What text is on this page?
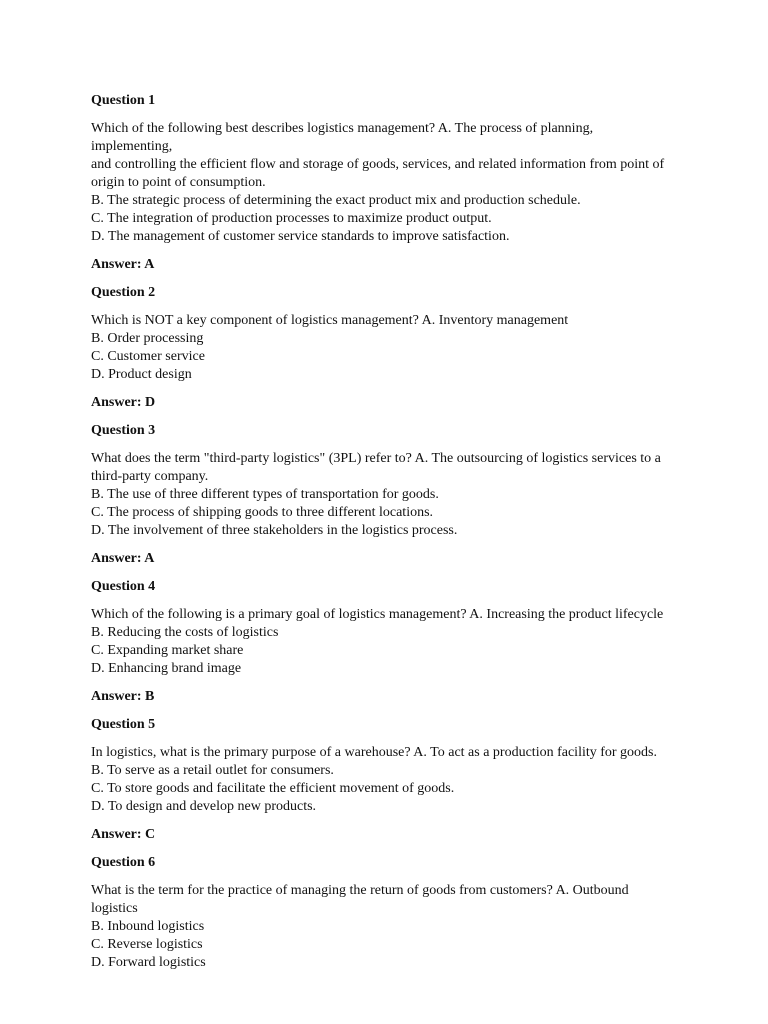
Question 1

Which of the following best describes logistics management? A. The process of planning, implementing,
and controlling the efficient flow and storage of goods, services, and related information from point of
origin to point of consumption.
B. The strategic process of determining the exact product mix and production schedule.
C. The integration of production processes to maximize product output.
D. The management of customer service standards to improve satisfaction.

Answer: A

Question 2

Which is NOT a key component of logistics management? A. Inventory management
B. Order processing
C. Customer service
D. Product design

Answer: D

Question 3

What does the term "third-party logistics" (3PL) refer to? A. The outsourcing of logistics services to a
third-party company.
B. The use of three different types of transportation for goods.
C. The process of shipping goods to three different locations.
D. The involvement of three stakeholders in the logistics process.

Answer: A

Question 4

Which of the following is a primary goal of logistics management? A. Increasing the product lifecycle
B. Reducing the costs of logistics
C. Expanding market share
D. Enhancing brand image

Answer: B

Question 5

In logistics, what is the primary purpose of a warehouse? A. To act as a production facility for goods.
B. To serve as a retail outlet for consumers.
C. To store goods and facilitate the efficient movement of goods.
D. To design and develop new products.

Answer: C

Question 6

What is the term for the practice of managing the return of goods from customers? A. Outbound logistics
B. Inbound logistics
C. Reverse logistics
D. Forward logistics
